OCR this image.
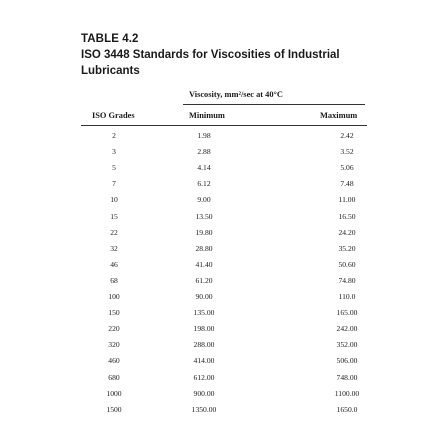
TABLE 4.2
ISO 3448 Standards for Viscosities of Industrial Lubricants
Viscosity, mm²/sec at 40°C
ISO Grades	Minimum	Maximum
2	1.98	2.42
3	2.88	3.52
5	4.14	5.06
7	6.12	7.48
10	9.00	11.00
15	13.50	16.50
22	19.80	24.20
32	28.80	35.20
46	41.40	50.60
68	61.20	74.80
100	90.00	110.0
150	135.00	165.00
220	198.00	242.00
320	288.00	352.00
460	414.00	506.00
680	612.00	748.00
1000	900.00	1100.00
1500	1350.00	1650.0
